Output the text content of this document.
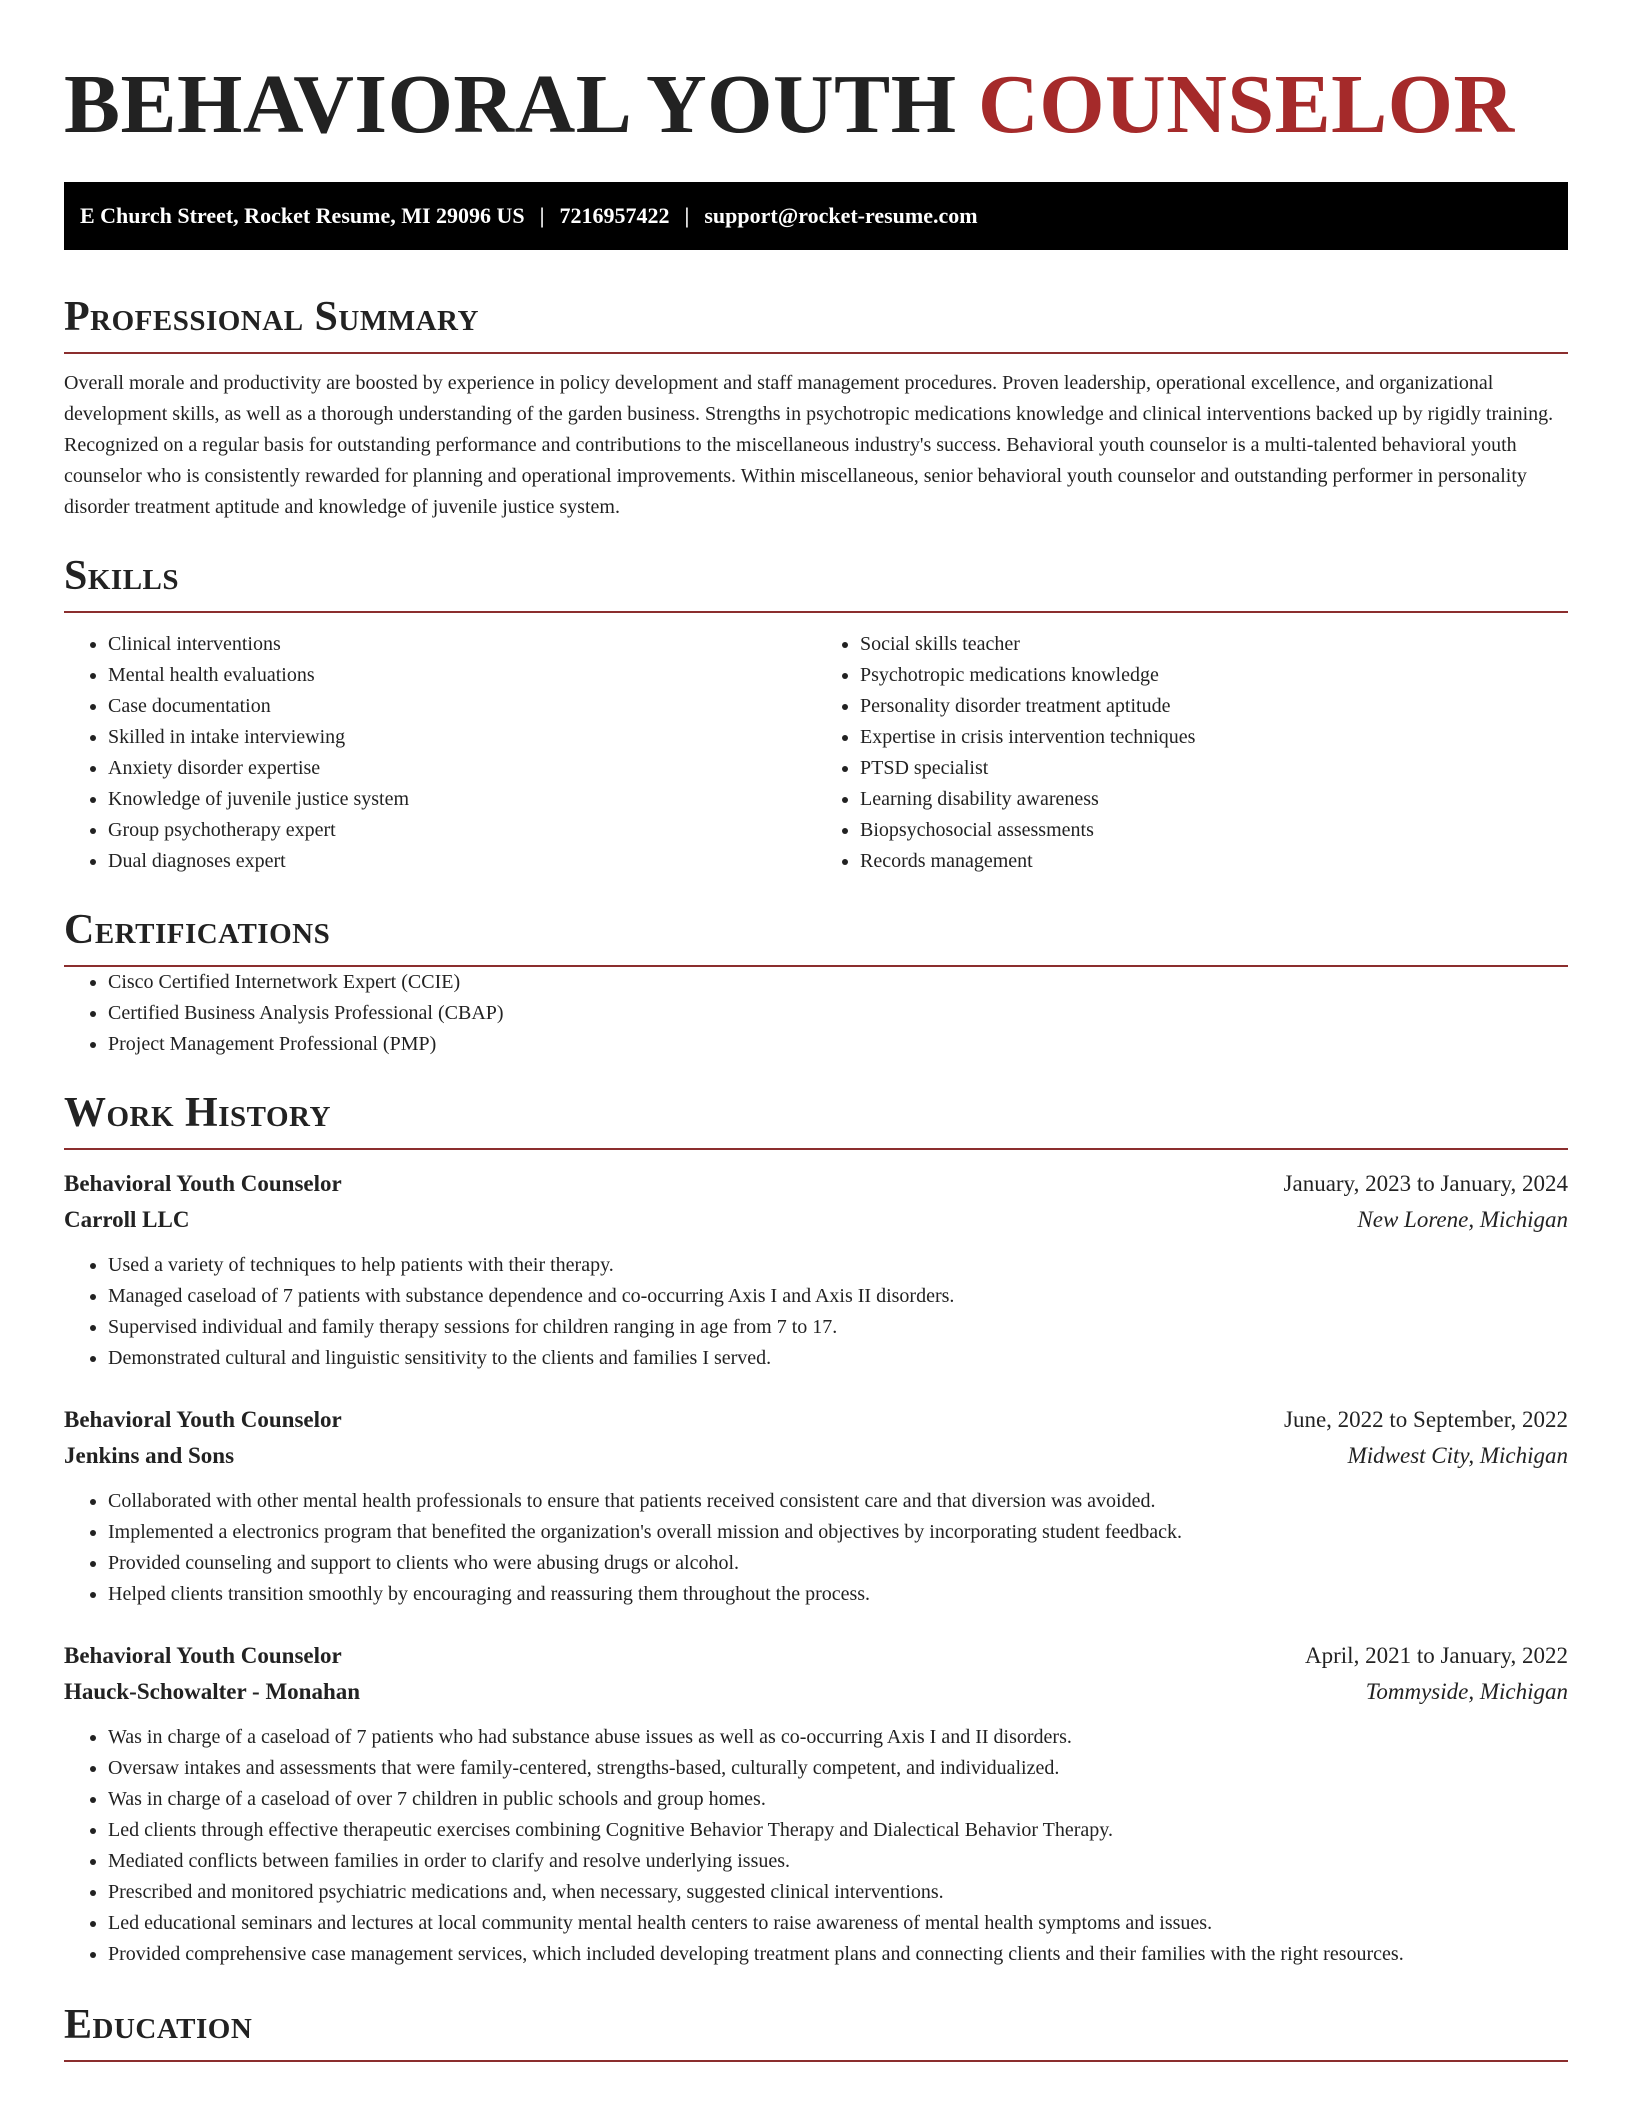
BEHAVIORAL YOUTH COUNSELOR
E Church Street, Rocket Resume, MI 29096 US | 7216957422 | support@rocket-resume.com
Professional Summary

Overall morale and productivity are boosted by experience in policy development and staff management procedures. Proven leadership, operational excellence, and organizational development skills, as well as a thorough understanding of the garden business. Strengths in psychotropic medications knowledge and clinical interventions backed up by rigidly training. Recognized on a regular basis for outstanding performance and contributions to the miscellaneous industry's success. Behavioral youth counselor is a multi-talented behavioral youth counselor who is consistently rewarded for planning and operational improvements. Within miscellaneous, senior behavioral youth counselor and outstanding performer in personality disorder treatment aptitude and knowledge of juvenile justice system.

Skills
• Clinical interventions
• Mental health evaluations
• Case documentation
• Skilled in intake interviewing
• Anxiety disorder expertise
• Knowledge of juvenile justice system
• Group psychotherapy expert
• Dual diagnoses expert
• Social skills teacher
• Psychotropic medications knowledge
• Personality disorder treatment aptitude
• Expertise in crisis intervention techniques
• PTSD specialist
• Learning disability awareness
• Biopsychosocial assessments
• Records management
Certifications
• Cisco Certified Internetwork Expert (CCIE)
• Certified Business Analysis Professional (CBAP)
• Project Management Professional (PMP)
Work History
Behavioral Youth Counselor	January, 2023 to January, 2024
Carroll LLC	New Lorene, Michigan
• Used a variety of techniques to help patients with their therapy.
• Managed caseload of 7 patients with substance dependence and co-occurring Axis I and Axis II disorders.
• Supervised individual and family therapy sessions for children ranging in age from 7 to 17.
• Demonstrated cultural and linguistic sensitivity to the clients and families I served.
Behavioral Youth Counselor	June, 2022 to September, 2022
Jenkins and Sons	Midwest City, Michigan
• Collaborated with other mental health professionals to ensure that patients received consistent care and that diversion was avoided.
• Implemented a electronics program that benefited the organization's overall mission and objectives by incorporating student feedback.
• Provided counseling and support to clients who were abusing drugs or alcohol.
• Helped clients transition smoothly by encouraging and reassuring them throughout the process.
Behavioral Youth Counselor	April, 2021 to January, 2022
Hauck-Schowalter - Monahan	Tommyside, Michigan
• Was in charge of a caseload of 7 patients who had substance abuse issues as well as co-occurring Axis I and II disorders.
• Oversaw intakes and assessments that were family-centered, strengths-based, culturally competent, and individualized.
• Was in charge of a caseload of over 7 children in public schools and group homes.
• Led clients through effective therapeutic exercises combining Cognitive Behavior Therapy and Dialectical Behavior Therapy.
• Mediated conflicts between families in order to clarify and resolve underlying issues.
• Prescribed and monitored psychiatric medications and, when necessary, suggested clinical interventions.
• Led educational seminars and lectures at local community mental health centers to raise awareness of mental health symptoms and issues.
• Provided comprehensive case management services, which included developing treatment plans and connecting clients and their families with the right resources.
Education
